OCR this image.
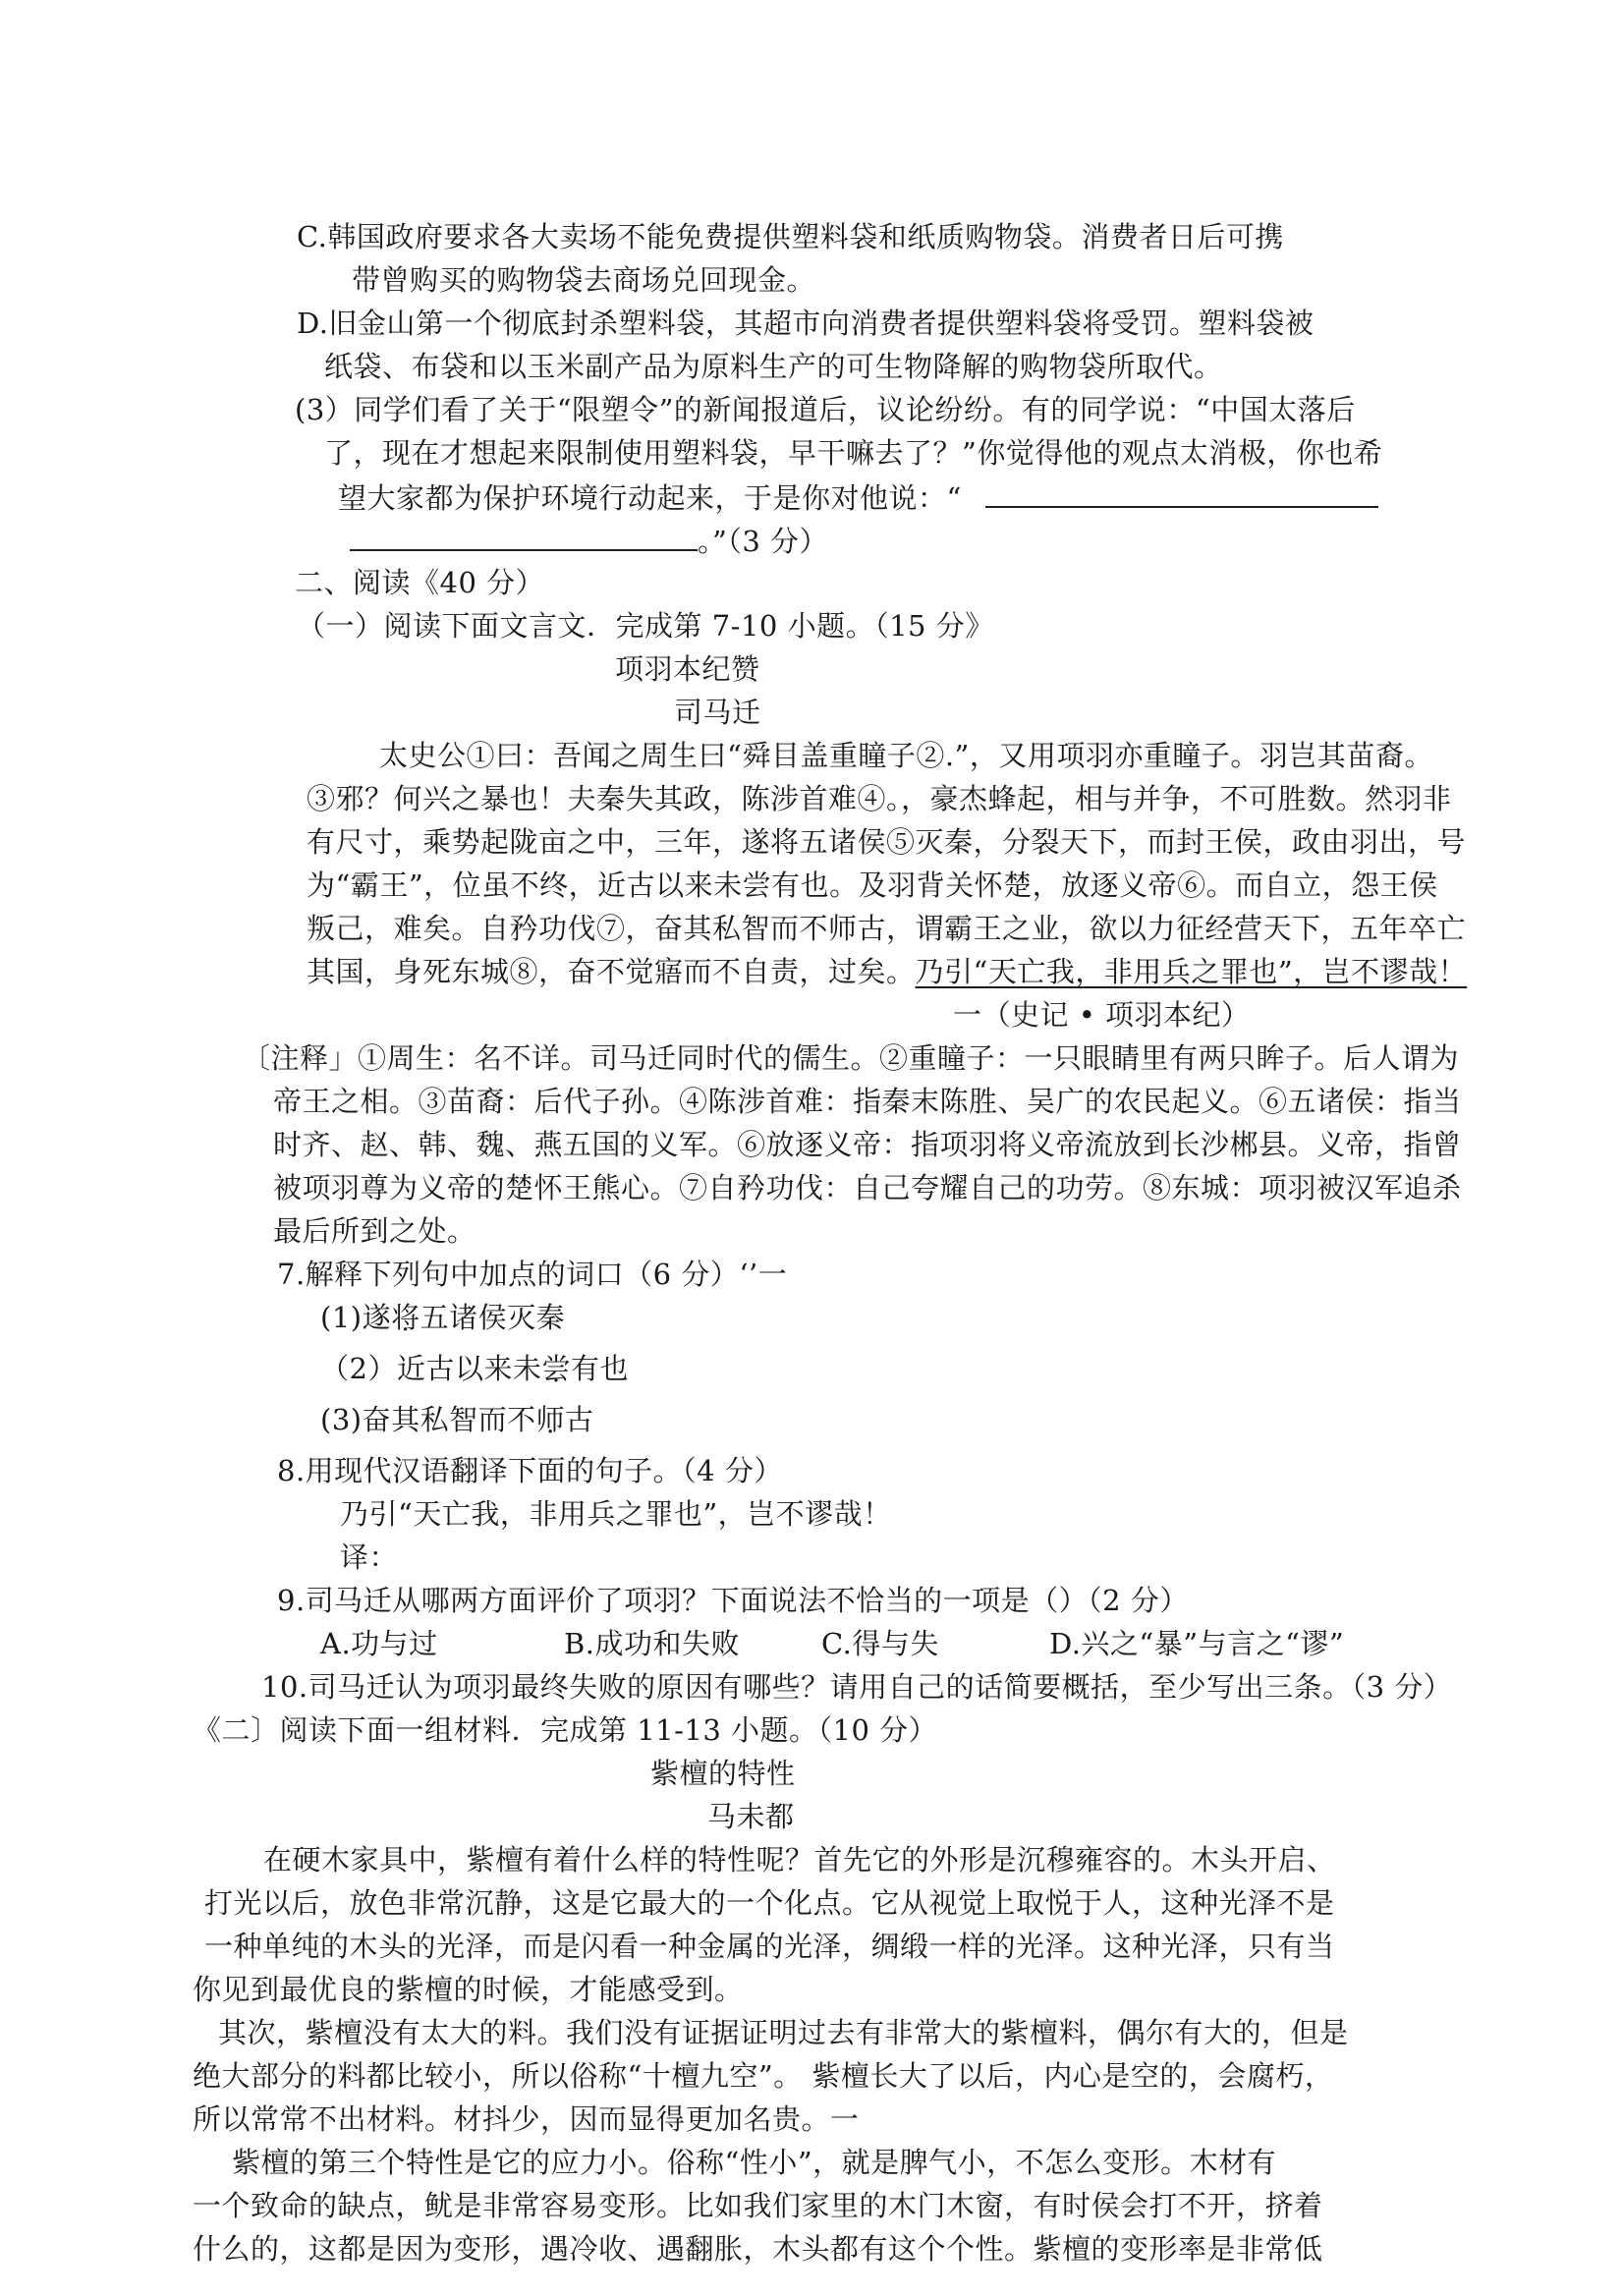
C.韩国政府要求各大卖场不能免费提供塑料袋和纸质购物袋。消费者日后可携
带曾购买的购物袋去商场兑回现金。
D.旧金山第一个彻底封杀塑料袋，其超市向消费者提供塑料袋将受罚。塑料袋被
纸袋、布袋和以玉米副产品为原料生产的可生物降解的购物袋所取代。
(3）同学们看了关于“限塑令”的新闻报道后，议论纷纷。有的同学说：“中国太落后
了，现在才想起来限制使用塑料袋，早干嘛去了？”你觉得他的观点太消极，你也希
望大家都为保护环境行动起来，于是你对他说：“
。”（3 分）
二、阅读《40 分）
（一）阅读下面文言文．完成第 7-10 小题。（15 分》
项羽本纪赞
司马迁
太史公①曰：吾闻之周生曰“舜目盖重瞳子②.”，又用项羽亦重瞳子。羽岂其苗裔。
③邪？何兴之暴也！夫秦失其政，陈涉首难④。，豪杰蜂起，相与并争，不可胜数。然羽非
有尺寸，乘势起陇亩之中，三年，遂将五诸侯⑤灭秦，分裂天下，而封王侯，政由羽出，号
为“霸王”，位虽不终，近古以来未尝有也。及羽背关怀楚，放逐义帝⑥。而自立，怨王侯
叛己，难矣。自矜功伐⑦，奋其私智而不师古，谓霸王之业，欲以力征经营天下，五年卒亡
其国，身死东城⑧，奋不觉寤而不自责，过矣。乃引“天亡我，非用兵之罪也”，岂不谬哉！
一（史记 • 项羽本纪）
〔注释」①周生：名不详。司马迁同时代的儒生。②重瞳子：一只眼睛里有两只眸子。后人谓为
帝王之相。③苗裔：后代子孙。④陈涉首难：指秦末陈胜、吴广的农民起义。⑥五诸侯：指当
时齐、赵、韩、魏、燕五国的义军。⑥放逐义帝：指项羽将义帝流放到长沙郴县。义帝，指曾
被项羽尊为义帝的楚怀王熊心。⑦自矜功伐：自己夸耀自己的功劳。⑧东城：项羽被汉军追杀
最后所到之处。
7.解释下列句中加点的词口（6 分）‘’一
(1)遂将五诸侯灭秦
（2）近古以来未尝有也
(3)奋其私智而不师古
8.用现代汉语翻译下面的句子。（4 分）
乃引“天亡我，非用兵之罪也”，岂不谬哉！
译：
9.司马迁从哪两方面评价了项羽？下面说法不恰当的一项是（）（2 分）
A.功与过	B.成功和失败	C.得与失	D.兴之“暴”与言之“谬”
10.司马迁认为项羽最终失败的原因有哪些？请用自己的话简要概括，至少写出三条。（3 分）
《二〕阅读下面一组材料．完成第 11-13 小题。（10 分）
紫檀的特性
马未都
在硬木家具中，紫檀有着什么样的特性呢？首先它的外形是沉穆雍容的。木头开启、
打光以后，放色非常沉静，这是它最大的一个化点。它从视觉上取悦于人，这种光泽不是
一种单纯的木头的光泽，而是闪看一种金属的光泽，绸缎一样的光泽。这种光泽，只有当
你见到最优良的紫檀的时候，才能感受到。
其次，紫檀没有太大的料。我们没有证据证明过去有非常大的紫檀料，偶尔有大的，但是
绝大部分的料都比较小，所以俗称“十檀九空”。 紫檀长大了以后，内心是空的，会腐朽，
所以常常不出材料。材抖少，因而显得更加名贵。一
紫檀的第三个特性是它的应力小。俗称“性小”，就是脾气小，不怎么变形。木材有
一个致命的缺点，鱿是非常容易变形。比如我们家里的木门木窗，有时侯会打不开，挤着
什么的，这都是因为变形，遇冷收、遇翻胀，木头都有这个个性。紫檀的变形率是非常低
